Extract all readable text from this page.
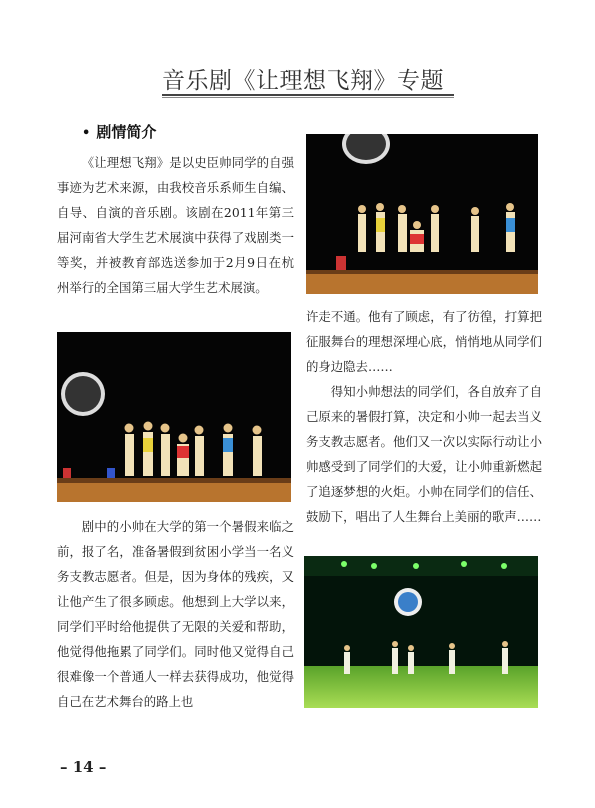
音乐剧《让理想飞翔》专题
• 剧情简介

《让理想飞翔》是以史臣帅同学的自强事迹为艺术来源，由我校音乐系师生自编、自导、自演的音乐剧。该剧在2011年第三届河南省大学生艺术展演中获得了戏剧类一等奖，并被教育部选送参加于2月9日在杭州举行的全国第三届大学生艺术展演。

剧中的小帅在大学的第一个暑假来临之前，报了名，准备暑假到贫困小学当一名义务支教志愿者。但是，因为身体的残疾，又让他产生了很多顾虑。他想到上大学以来，同学们平时给他提供了无限的关爱和帮助，他觉得他拖累了同学们。同时他又觉得自己很难像一个普通人一样去获得成功，他觉得自己在艺术舞台的路上也

许走不通。他有了顾虑，有了彷徨，打算把征服舞台的理想深埋心底，悄悄地从同学们的身边隐去……

得知小帅想法的同学们，各自放弃了自己原来的暑假打算，决定和小帅一起去当义务支教志愿者。他们又一次以实际行动让小帅感受到了同学们的大爱，让小帅重新燃起了追逐梦想的火炬。小帅在同学们的信任、鼓励下，唱出了人生舞台上美丽的歌声……

– 14 –
